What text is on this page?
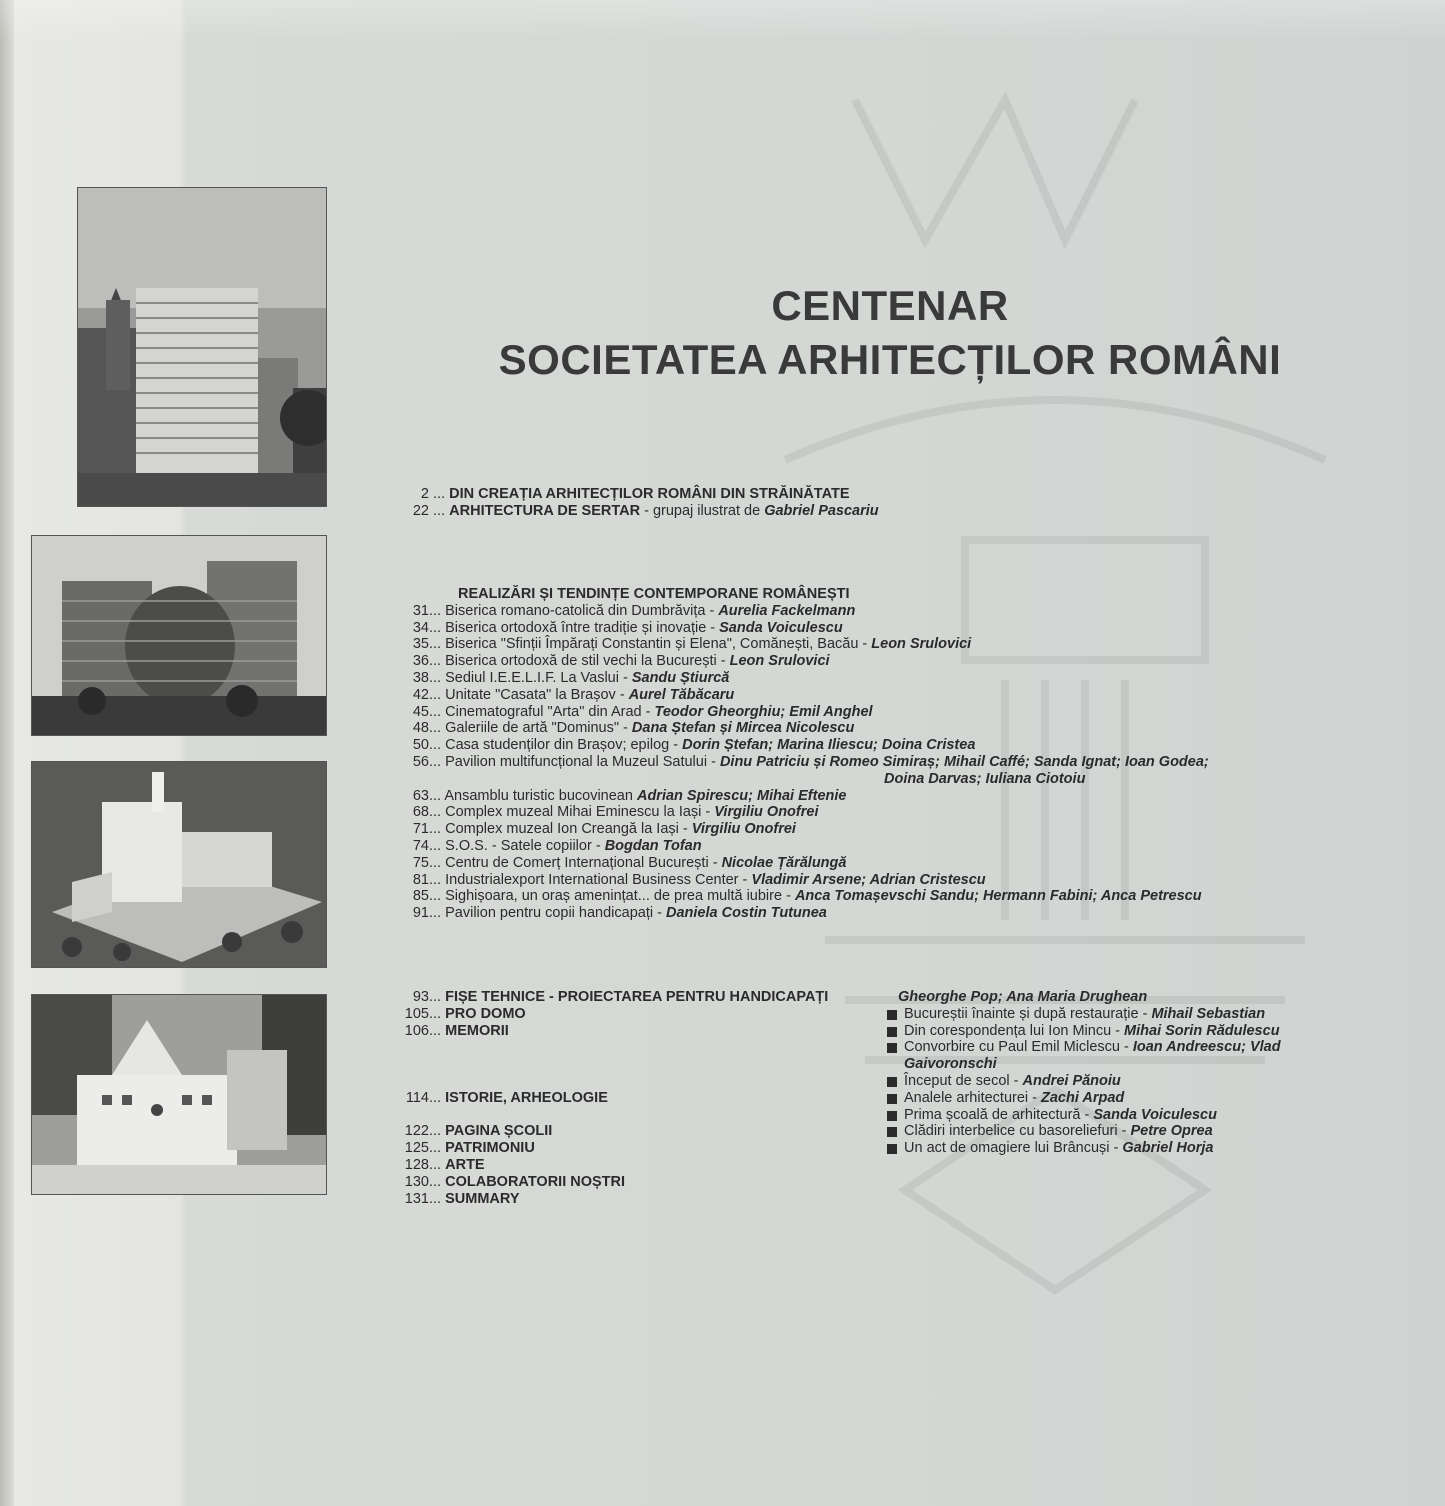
CENTENAR
SOCIETATEA ARHITECȚILOR ROMÂNI
2 ... DIN CREAȚIA ARHITECȚILOR ROMÂNI DIN STRĂINĂTATE
22 ... ARHITECTURA DE SERTAR - grupaj ilustrat de Gabriel Pascariu
REALIZĂRI ȘI TENDINȚE CONTEMPORANE ROMÂNEȘTI
31... Biserica romano-catolică din Dumbrăvița - Aurelia Fackelmann
34... Biserica ortodoxă între tradiție și inovație - Sanda Voiculescu
35... Biserica "Sfinții Împărați Constantin și Elena", Comănești, Bacău - Leon Srulovici
36... Biserica ortodoxă de stil vechi la București - Leon Srulovici
38... Sediul I.E.E.L.I.F. La Vaslui - Sandu Știurcă
42... Unitate "Casata" la Brașov - Aurel Tăbăcaru
45... Cinematograful "Arta" din Arad - Teodor Gheorghiu; Emil Anghel
48... Galeriile de artă "Dominus" - Dana Ștefan și Mircea Nicolescu
50... Casa studenților din Brașov; epilog - Dorin Ștefan; Marina Iliescu; Doina Cristea
56... Pavilion multifuncțional la Muzeul Satului - Dinu Patriciu și Romeo Simiraș; Mihail Caffé; Sanda Ignat; Ioan Godea;
Doina Darvas; Iuliana Ciotoiu
63... Ansamblu turistic bucovinean Adrian Spirescu; Mihai Eftenie
68... Complex muzeal Mihai Eminescu la Iași - Virgiliu Onofrei
71... Complex muzeal Ion Creangă la Iași - Virgiliu Onofrei
74... S.O.S. - Satele copiilor - Bogdan Tofan
75... Centru de Comerț Internațional București - Nicolae Țărălungă
81... Industrialexport International Business Center - Vladimir Arsene; Adrian Cristescu
85... Sighișoara, un oraș amenințat... de prea multă iubire - Anca Tomașevschi Sandu; Hermann Fabini; Anca Petrescu
91... Pavilion pentru copii handicapați - Daniela Costin Tutunea
93... FIȘE TEHNICE - PROIECTAREA PENTRU HANDICAPAȚI
105... PRO DOMO
106... MEMORII
114... ISTORIE, ARHEOLOGIE
122... PAGINA ȘCOLII
125... PATRIMONIU
128... ARTE
130... COLABORATORII NOȘTRI
131... SUMMARY
Gheorghe Pop; Ana Maria Drughean
Bucureștii înainte și după restaurație - Mihail Sebastian
Din corespondența lui Ion Mincu - Mihai Sorin Rădulescu
Convorbire cu Paul Emil Miclescu - Ioan Andreescu; Vlad
Gaivoronschi
Început de secol - Andrei Pănoiu
Analele arhitecturei - Zachi Arpad
Prima școală de arhitectură - Sanda Voiculescu
Clădiri interbelice cu basoreliefuri - Petre Oprea
Un act de omagiere lui Brâncuși - Gabriel Horja
